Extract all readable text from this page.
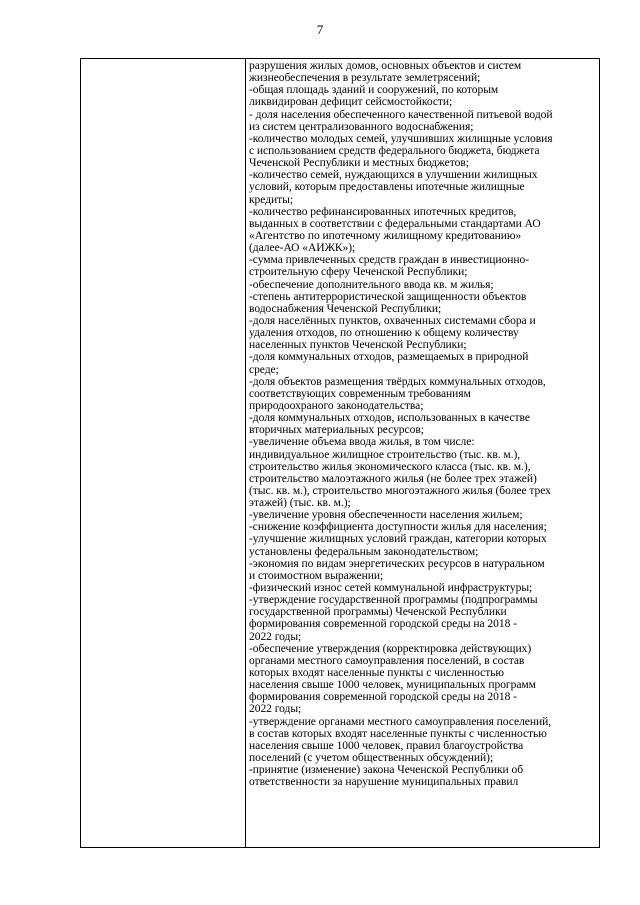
7
разрушения жилых домов, основных объектов и систем
жизнеобеспечения в результате землетрясений;
-общая площадь зданий и сооружений, по которым
ликвидирован дефицит сейсмостойкости;
- доля населения обеспеченного качественной питьевой водой
из систем централизованного водоснабжения;
-количество молодых семей, улучшивших жилищные условия
с использованием средств федерального бюджета, бюджета
Чеченской Республики и местных бюджетов;
-количество семей, нуждающихся в улучшении жилищных
условий, которым предоставлены ипотечные жилищные
кредиты;
-количество рефинансированных ипотечных кредитов,
выданных в соответствии с федеральными стандартами АО
«Агентство по ипотечному жилищному кредитованию»
(далее-АО «АИЖК»);
-сумма привлеченных средств граждан в инвестиционно-
строительную сферу Чеченской Республики;
-обеспечение дополнительного ввода кв. м жилья;
-степень антитеррористической защищенности объектов
водоснабжения Чеченской Республики;
-доля населённых пунктов, охваченных системами сбора и
удаления отходов, по отношению к общему количеству
населенных пунктов Чеченской Республики;
-доля коммунальных отходов, размещаемых в природной
среде;
-доля объектов размещения твёрдых коммунальных отходов,
соответствующих современным требованиям
природоохраного законодательства;
-доля коммунальных отходов, использованных в качестве
вторичных материальных ресурсов;
-увеличение объема ввода жилья, в том числе:
индивидуальное жилищное строительство (тыс. кв. м.),
строительство жилья экономического класса (тыс. кв. м.),
строительство малоэтажного жилья (не более трех этажей)
(тыс. кв. м.), строительство многоэтажного жилья (более трех
этажей) (тыс. кв. м.);
-увеличение уровня обеспеченности населения жильем;
-снижение коэффициента доступности жилья для населения;
-улучшение жилищных условий граждан, категории которых
установлены федеральным законодательством;
-экономия по видам энергетических ресурсов в натуральном
и стоимостном выражении;
-физический износ сетей коммунальной инфраструктуры;
-утверждение государственной программы (подпрограммы
государственной программы) Чеченской Республики
формирования современной городской среды на 2018 -
2022 годы;
-обеспечение утверждения (корректировка действующих)
органами местного самоуправления поселений, в состав
которых входят населенные пункты с численностью
населения свыше 1000 человек, муниципальных программ
формирования современной городской среды на 2018 -
2022 годы;
-утверждение органами местного самоуправления поселений,
в состав которых входят населенные пункты с численностью
населения свыше 1000 человек, правил благоустройства
поселений (с учетом общественных обсуждений);
-принятие (изменение) закона Чеченской Республики об
ответственности за нарушение муниципальных правил
